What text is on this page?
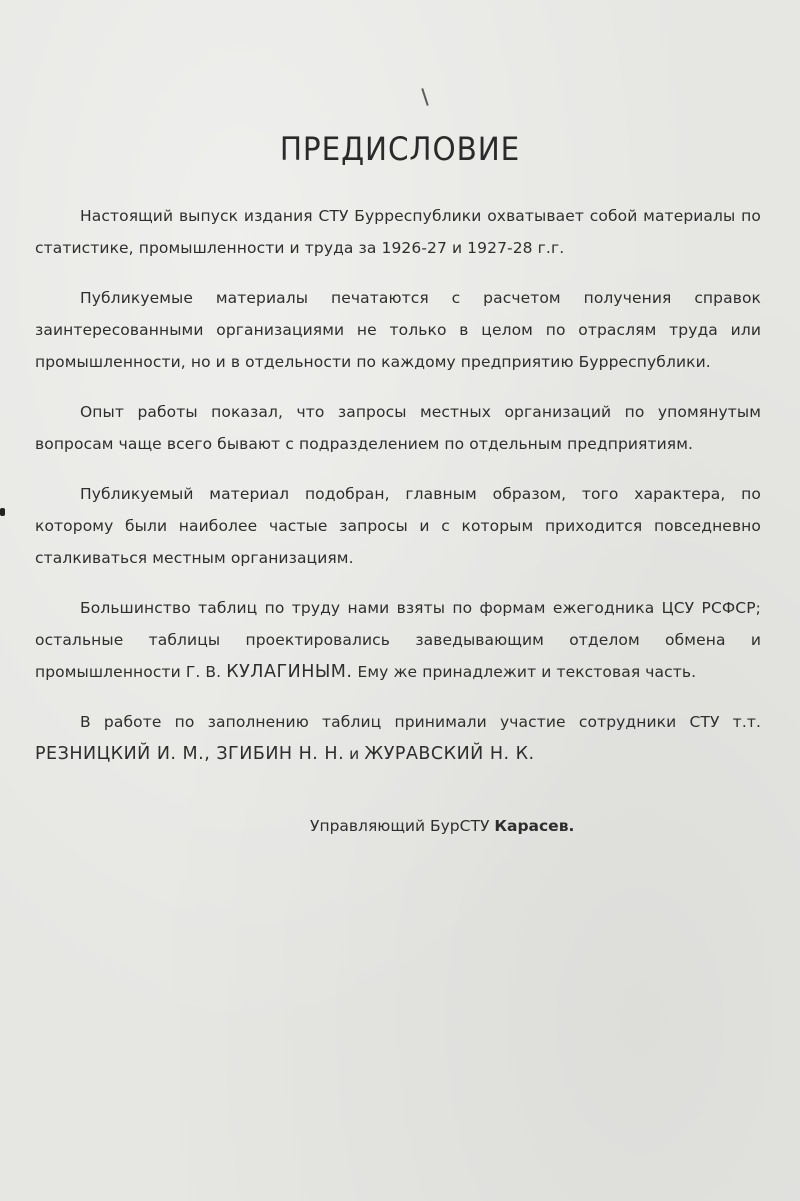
ПРЕДИСЛОВИЕ

Настоящий выпуск издания СТУ Бурреспублики охватывает собой материалы по статистике, промышленности и труда за 1926-27 и 1927-28 г.г.

Публикуемые материалы печатаются с расчетом получения справок заинтересованными организациями не только в целом по отраслям труда или промышленности, но и в отдельности по каждому предприятию Бурреспублики.

Опыт работы показал, что запросы местных организаций по упомянутым вопросам чаще всего бывают с подразделением по отдельным предприятиям.

Публикуемый материал подобран, главным образом, того характера, по которому были наиболее частые запросы и с которым приходится повседневно сталкиваться местным организациям.

Большинство таблиц по труду нами взяты по формам ежегодника ЦСУ РСФСР; остальные таблицы проектировались заведывающим отделом обмена и промышленности Г. В. КУЛАГИНЫМ. Ему же принадлежит и текстовая часть.

В работе по заполнению таблиц принимали участие сотрудники СТУ т.т. РЕЗНИЦКИЙ И. М., ЗГИБИН Н. Н. и ЖУРАВСКИЙ Н. К.

Управляющий БурСТУ Карасев.
